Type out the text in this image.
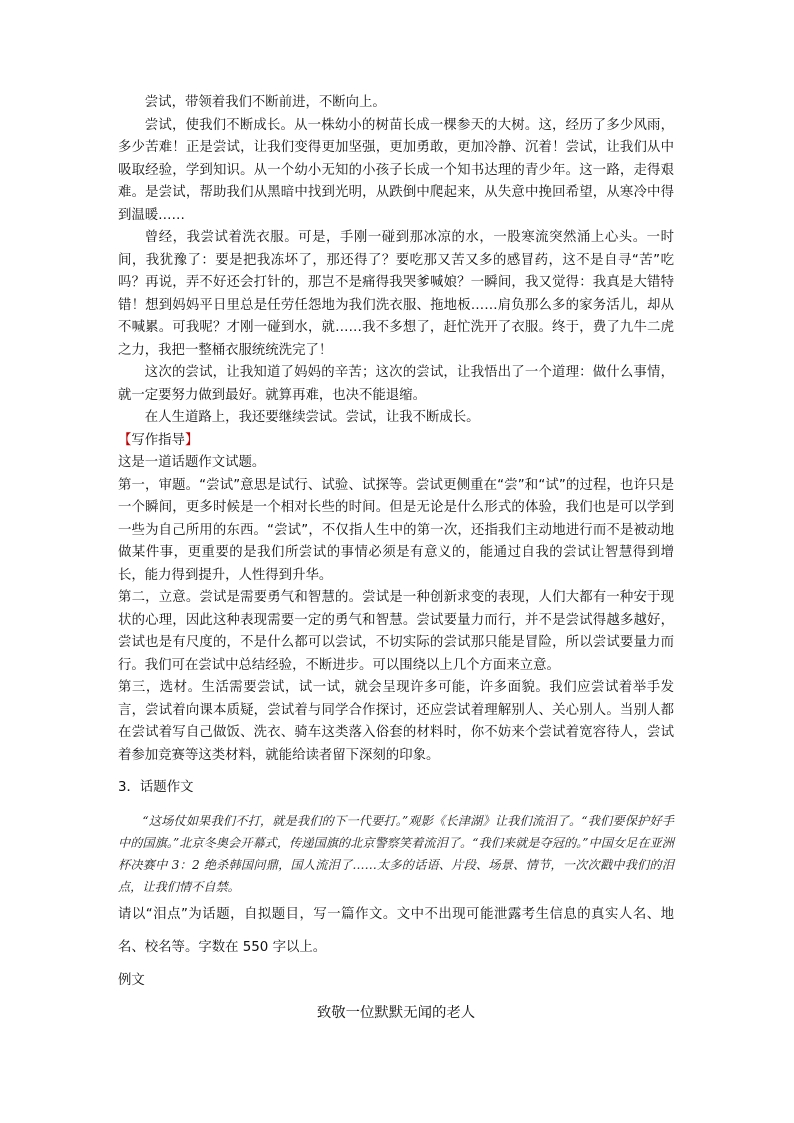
尝试，带领着我们不断前进，不断向上。

尝试，使我们不断成长。从一株幼小的树苗长成一棵参天的大树。这，经历了多少风雨，多少苦难！正是尝试，让我们变得更加坚强，更加勇敢，更加冷静、沉着！尝试，让我们从中吸取经验，学到知识。从一个幼小无知的小孩子长成一个知书达理的青少年。这一路，走得艰难。是尝试，帮助我们从黑暗中找到光明，从跌倒中爬起来，从失意中挽回希望，从寒冷中得到温暖……

曾经，我尝试着洗衣服。可是，手刚一碰到那冰凉的水，一股寒流突然涌上心头。一时间，我犹豫了：要是把我冻坏了，那还得了？要吃那又苦又多的感冒药，这不是自寻“苦”吃吗？再说，弄不好还会打针的，那岂不是痛得我哭爹喊娘？一瞬间，我又觉得：我真是大错特错！想到妈妈平日里总是任劳任怨地为我们洗衣服、拖地板……肩负那么多的家务活儿，却从不喊累。可我呢？才刚一碰到水，就……我不多想了，赶忙洗开了衣服。终于，费了九牛二虎之力，我把一整桶衣服统统洗完了！

这次的尝试，让我知道了妈妈的辛苦；这次的尝试，让我悟出了一个道理：做什么事情，就一定要努力做到最好。就算再难，也决不能退缩。

在人生道路上，我还要继续尝试。尝试，让我不断成长。

【写作指导】

这是一道话题作文试题。

第一，审题。“尝试”意思是试行、试验、试探等。尝试更侧重在“尝”和“试”的过程，也许只是一个瞬间，更多时候是一个相对长些的时间。但是无论是什么形式的体验，我们也是可以学到一些为自己所用的东西。“尝试”，不仅指人生中的第一次，还指我们主动地进行而不是被动地做某件事，更重要的是我们所尝试的事情必须是有意义的，能通过自我的尝试让智慧得到增长，能力得到提升，人性得到升华。

第二，立意。尝试是需要勇气和智慧的。尝试是一种创新求变的表现，人们大都有一种安于现状的心理，因此这种表现需要一定的勇气和智慧。尝试要量力而行，并不是尝试得越多越好，尝试也是有尺度的，不是什么都可以尝试，不切实际的尝试那只能是冒险，所以尝试要量力而行。我们可在尝试中总结经验，不断进步。可以围绕以上几个方面来立意。

第三，选材。生活需要尝试，试一试，就会呈现许多可能，许多面貌。我们应尝试着举手发言，尝试着向课本质疑，尝试着与同学合作探讨，还应尝试着理解别人、关心别人。当别人都在尝试着写自己做饭、洗衣、骑车这类落入俗套的材料时，你不妨来个尝试着宽容待人，尝试着参加竞赛等这类材料，就能给读者留下深刻的印象。

3．话题作文

“这场仗如果我们不打，就是我们的下一代要打。”观影《长津湖》让我们流泪了。“我们要保护好手中的国旗。”北京冬奥会开幕式，传递国旗的北京警察笑着流泪了。“我们来就是夺冠的。”中国女足在亚洲杯决赛中 3：2 绝杀韩国问鼎，国人流泪了……太多的话语、片段、场景、情节，一次次戳中我们的泪点，让我们情不自禁。

请以“泪点”为话题，自拟题目，写一篇作文。文中不出现可能泄露考生信息的真实人名、地名、校名等。字数在 550 字以上。

例文

致敬一位默默无闻的老人
